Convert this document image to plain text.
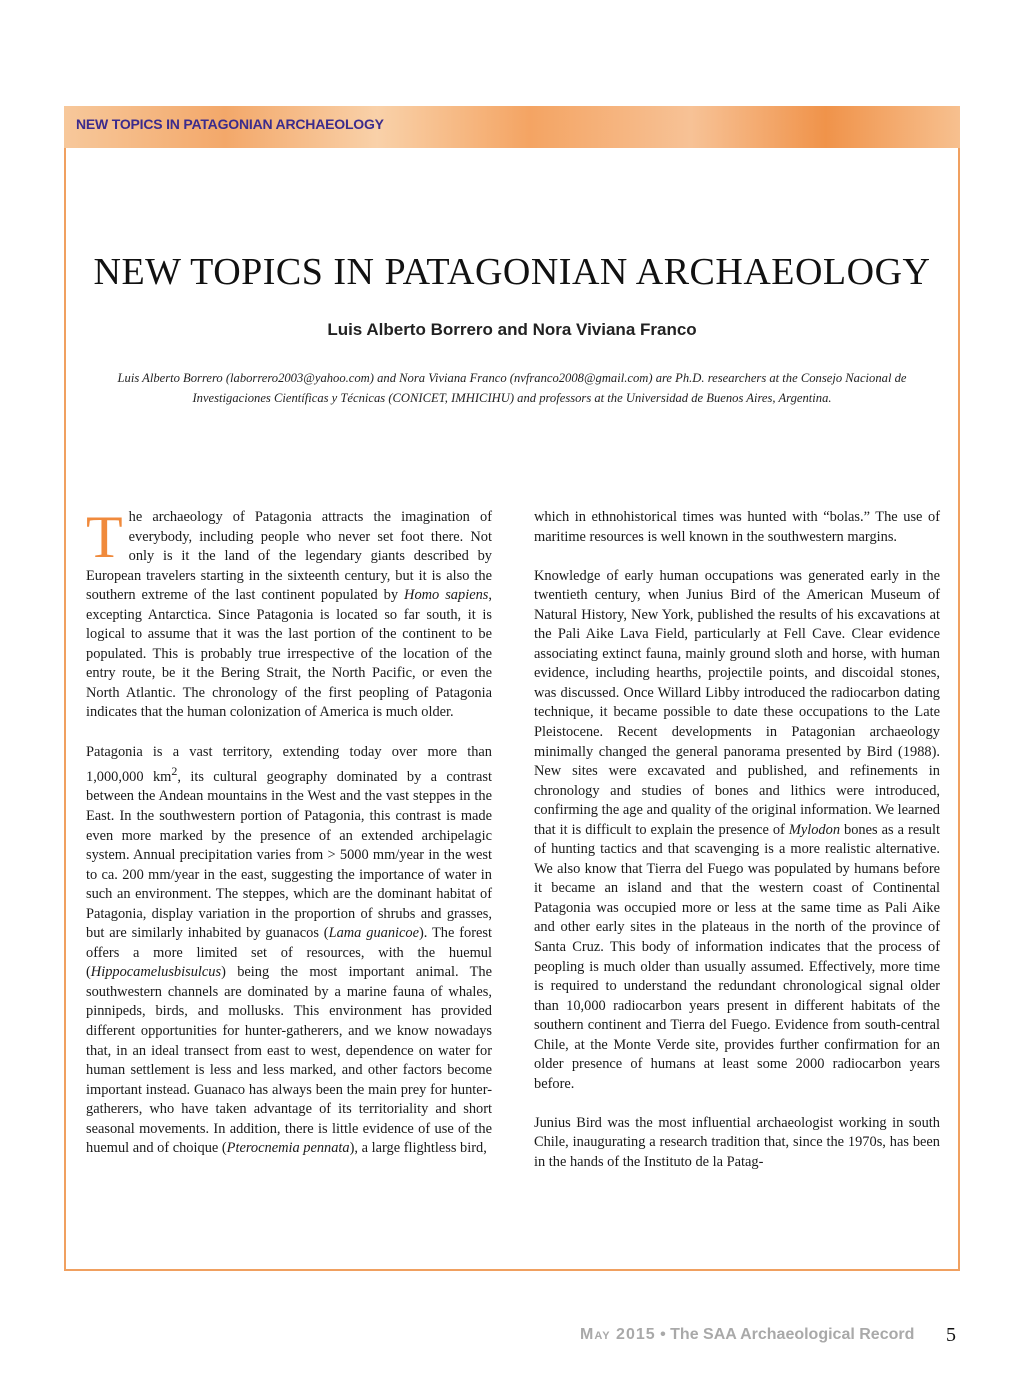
NEW TOPICS IN PATAGONIAN ARCHAEOLOGY
NEW TOPICS IN PATAGONIAN ARCHAEOLOGY
Luis Alberto Borrero and Nora Viviana Franco
Luis Alberto Borrero (laborrero2003@yahoo.com) and Nora Viviana Franco (nvfranco2008@gmail.com) are Ph.D. researchers at the Consejo Nacional de Investigaciones Científicas y Técnicas (CONICET, IMHICIHU) and professors at the Universidad de Buenos Aires, Argentina.

The archaeology of Patagonia attracts the imagination of everybody, including people who never set foot there. Not only is it the land of the legendary giants described by European travelers starting in the sixteenth century, but it is also the southern extreme of the last continent populated by Homo sapiens, excepting Antarctica. Since Patagonia is located so far south, it is logical to assume that it was the last portion of the continent to be populated. This is probably true irrespective of the location of the entry route, be it the Bering Strait, the North Pacific, or even the North Atlantic. The chronology of the first peopling of Patagonia indicates that the human colonization of America is much older.

Patagonia is a vast territory, extending today over more than 1,000,000 $km^2$, its cultural geography dominated by a contrast between the Andean mountains in the West and the vast steppes in the East. In the southwestern portion of Patagonia, this contrast is made even more marked by the presence of an extended archipelagic system. Annual precipitation varies from > 5000 mm/year in the west to ca. 200 mm/year in the east, suggesting the importance of water in such an environment. The steppes, which are the dominant habitat of Patagonia, display variation in the proportion of shrubs and grasses, but are similarly inhabited by guanacos (Lama guanicoe). The forest offers a more limited set of resources, with the huemul (Hippocamelusbisulcus) being the most important animal. The southwestern channels are dominated by a marine fauna of whales, pinnipeds, birds, and mollusks. This environment has provided different opportunities for hunter-gatherers, and we know nowadays that, in an ideal transect from east to west, dependence on water for human settlement is less and less marked, and other factors become important instead. Guanaco has always been the main prey for hunter-gatherers, who have taken advantage of its territoriality and short seasonal movements. In addition, there is little evidence of use of the huemul and of choique (Pterocnemia pennata), a large flightless bird,

which in ethnohistorical times was hunted with “bolas.” The use of maritime resources is well known in the southwestern margins.

Knowledge of early human occupations was generated early in the twentieth century, when Junius Bird of the American Museum of Natural History, New York, published the results of his excavations at the Pali Aike Lava Field, particularly at Fell Cave. Clear evidence associating extinct fauna, mainly ground sloth and horse, with human evidence, including hearths, projectile points, and discoidal stones, was discussed. Once Willard Libby introduced the radiocarbon dating technique, it became possible to date these occupations to the Late Pleistocene. Recent developments in Patagonian archaeology minimally changed the general panorama presented by Bird (1988). New sites were excavated and published, and refinements in chronology and studies of bones and lithics were introduced, confirming the age and quality of the original information. We learned that it is difficult to explain the presence of Mylodon bones as a result of hunting tactics and that scavenging is a more realistic alternative. We also know that Tierra del Fuego was populated by humans before it became an island and that the western coast of Continental Patagonia was occupied more or less at the same time as Pali Aike and other early sites in the plateaus in the north of the province of Santa Cruz. This body of information indicates that the process of peopling is much older than usually assumed. Effectively, more time is required to understand the redundant chronological signal older than 10,000 radiocarbon years present in different habitats of the southern continent and Tierra del Fuego. Evidence from south-central Chile, at the Monte Verde site, provides further confirmation for an older presence of humans at least some 2000 radiocarbon years before.

Junius Bird was the most influential archaeologist working in south Chile, inaugurating a research tradition that, since the 1970s, has been in the hands of the Instituto de la Patag-

May 2015 • The SAA Archaeological Record 5
